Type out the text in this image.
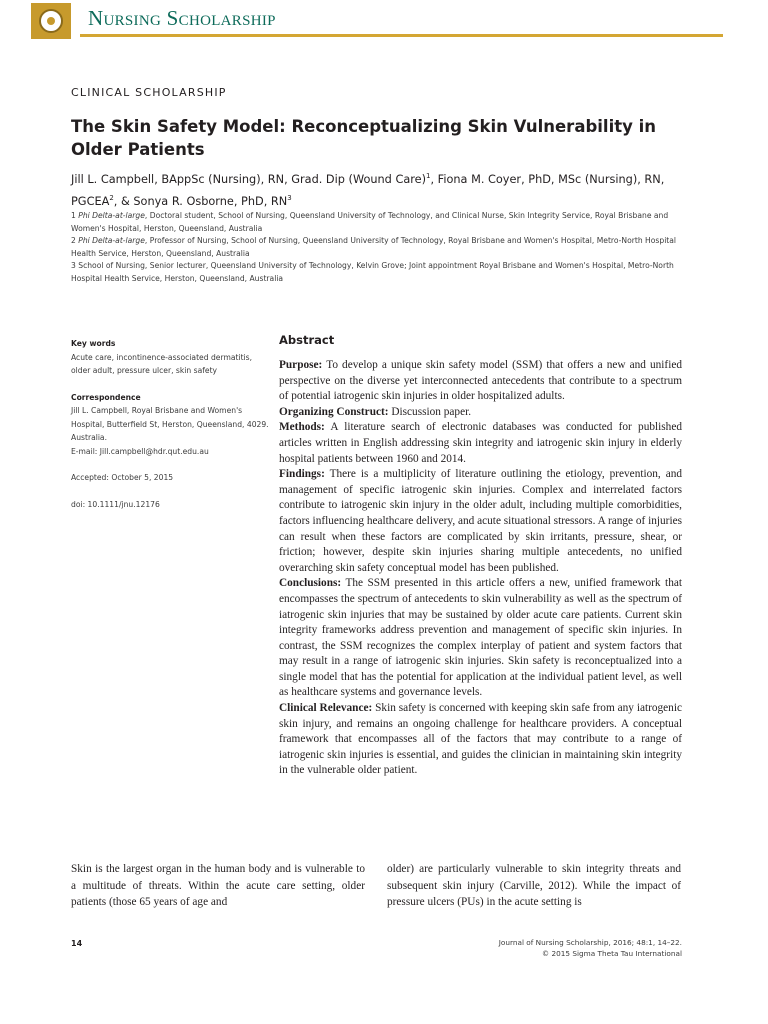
Nursing Scholarship
CLINICAL SCHOLARSHIP
The Skin Safety Model: Reconceptualizing Skin Vulnerability in Older Patients
Jill L. Campbell, BAppSc (Nursing), RN, Grad. Dip (Wound Care)$^1$, Fiona M. Coyer, PhD, MSc (Nursing), RN, PGCEA$^2$, & Sonya R. Osborne, PhD, $RN^3$

1 Phi Delta-at-large, Doctoral student, School of Nursing, Queensland University of Technology, and Clinical Nurse, Skin Integrity Service, Royal Brisbane and Women's Hospital, Herston, Queensland, Australia

2 Phi Delta-at-large, Professor of Nursing, School of Nursing, Queensland University of Technology, Royal Brisbane and Women's Hospital, Metro-North Hospital Health Service, Herston, Queensland, Australia

3 School of Nursing, Senior lecturer, Queensland University of Technology, Kelvin Grove; Joint appointment Royal Brisbane and Women's Hospital, Metro-North Hospital Health Service, Herston, Queensland, Australia

Key words
Acute care, incontinence-associated dermatitis, older adult, pressure ulcer, skin safety
Correspondence
Jill L. Campbell, Royal Brisbane and Women's Hospital, Butterfield St, Herston, Queensland, 4029. Australia.
E-mail: Jill.campbell@hdr.qut.edu.au
Accepted: October 5, 2015
doi: 10.1111/jnu.12176
Abstract

Purpose: To develop a unique skin safety model (SSM) that offers a new and unified perspective on the diverse yet interconnected antecedents that contribute to a spectrum of potential iatrogenic skin injuries in older hospitalized adults.

Organizing Construct: Discussion paper.

Methods: A literature search of electronic databases was conducted for published articles written in English addressing skin integrity and iatrogenic skin injury in elderly hospital patients between 1960 and 2014.

Findings: There is a multiplicity of literature outlining the etiology, prevention, and management of specific iatrogenic skin injuries. Complex and interrelated factors contribute to iatrogenic skin injury in the older adult, including multiple comorbidities, factors influencing healthcare delivery, and acute situational stressors. A range of injuries can result when these factors are complicated by skin irritants, pressure, shear, or friction; however, despite skin injuries sharing multiple antecedents, no unified overarching skin safety conceptual model has been published.

Conclusions: The SSM presented in this article offers a new, unified framework that encompasses the spectrum of antecedents to skin vulnerability as well as the spectrum of iatrogenic skin injuries that may be sustained by older acute care patients. Current skin integrity frameworks address prevention and management of specific skin injuries. In contrast, the SSM recognizes the complex interplay of patient and system factors that may result in a range of iatrogenic skin injuries. Skin safety is reconceptualized into a single model that has the potential for application at the individual patient level, as well as healthcare systems and governance levels.

Clinical Relevance: Skin safety is concerned with keeping skin safe from any iatrogenic skin injury, and remains an ongoing challenge for healthcare providers. A conceptual framework that encompasses all of the factors that may contribute to a range of iatrogenic skin injuries is essential, and guides the clinician in maintaining skin integrity in the vulnerable older patient.

Skin is the largest organ in the human body and is vulnerable to a multitude of threats. Within the acute care setting, older patients (those 65 years of age and
older) are particularly vulnerable to skin integrity threats and subsequent skin injury (Carville, 2012). While the impact of pressure ulcers (PUs) in the acute setting is
14	Journal of Nursing Scholarship, 2016; 48:1, 14–22.
© 2015 Sigma Theta Tau International
